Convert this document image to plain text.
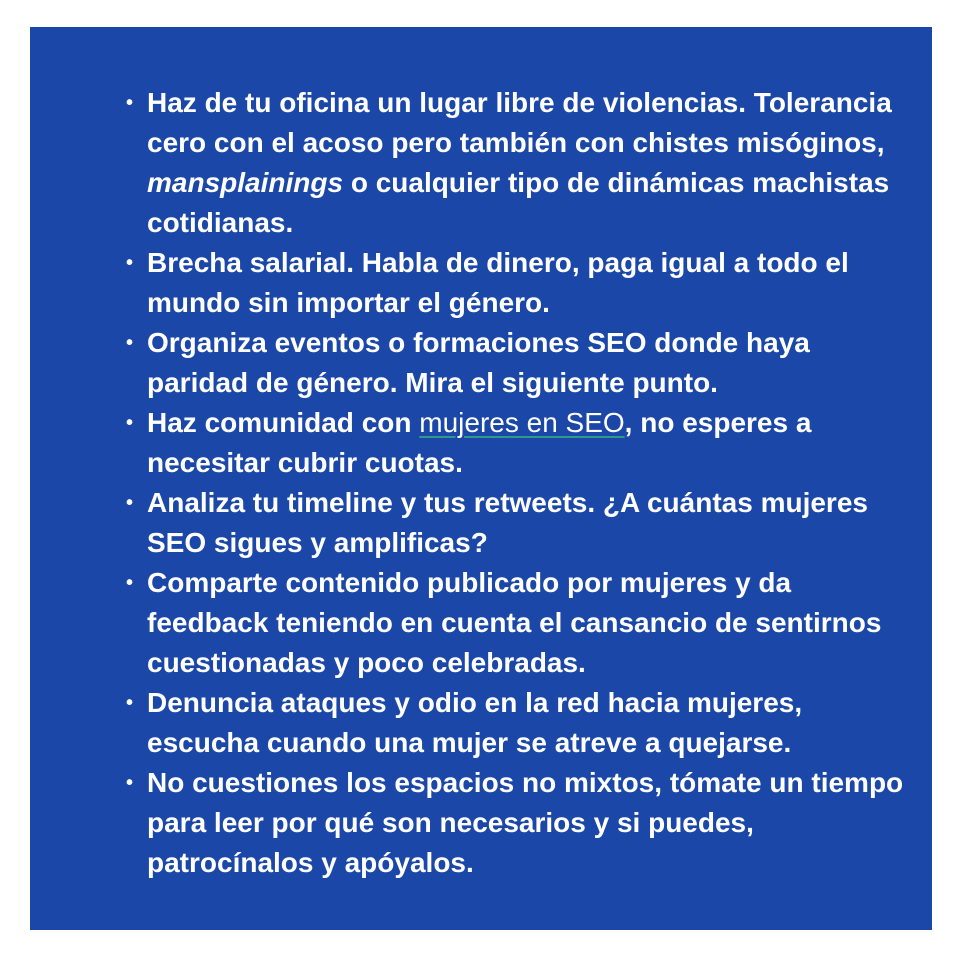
• Haz de tu oficina un lugar libre de violencias. Tolerancia cero con el acoso pero también con chistes misóginos, mansplainings o cualquier tipo de dinámicas machistas cotidianas.
• Brecha salarial. Habla de dinero, paga igual a todo el mundo sin importar el género.
• Organiza eventos o formaciones SEO donde haya paridad de género. Mira el siguiente punto.
• Haz comunidad con mujeres en SEO, no esperes a necesitar cubrir cuotas.
• Analiza tu timeline y tus retweets. ¿A cuántas mujeres SEO sigues y amplificas?
• Comparte contenido publicado por mujeres y da feedback teniendo en cuenta el cansancio de sentirnos cuestionadas y poco celebradas.
• Denuncia ataques y odio en la red hacia mujeres, escucha cuando una mujer se atreve a quejarse.
• No cuestiones los espacios no mixtos, tómate un tiempo para leer por qué son necesarios y si puedes, patrocínalos y apóyalos.
